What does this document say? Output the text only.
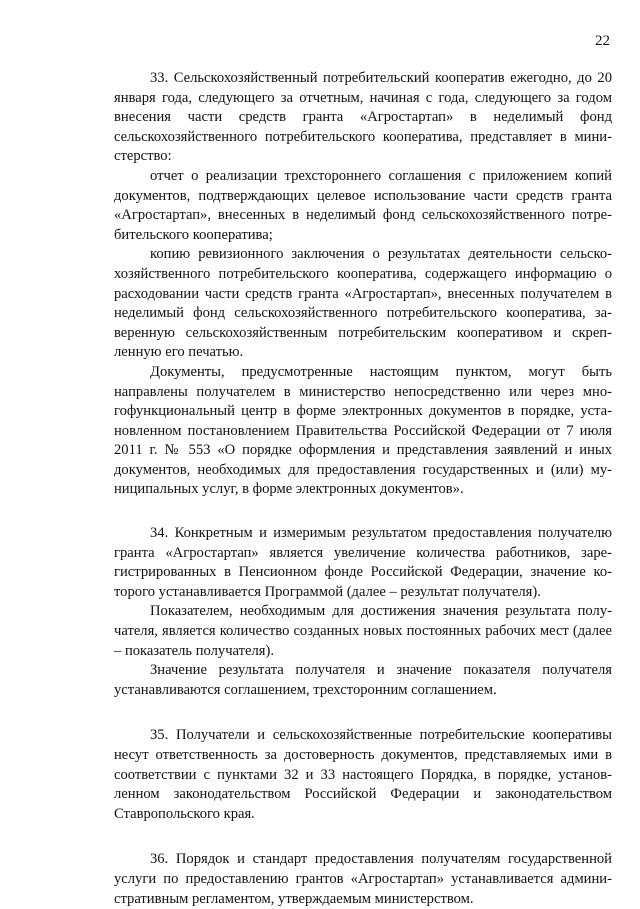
22

33. Сельскохозяйственный потребительский кооператив ежегодно, до 20 января года, следующего за отчетным, начиная с года, следующего за годом внесения части средств гранта «Агростартап» в неделимый фонд сельскохозяйственного потребительского кооператива, представляет в министерство:

отчет о реализации трехстороннего соглашения с приложением копий документов, подтверждающих целевое использование части средств гранта «Агростартап», внесенных в неделимый фонд сельскохозяйственного потребительского кооператива;

копию ревизионного заключения о результатах деятельности сельскохозяйственного потребительского кооператива, содержащего информацию о расходовании части средств гранта «Агростартап», внесенных получателем в неделимый фонд сельскохозяйственного потребительского кооператива, заверенную сельскохозяйственным потребительским кооперативом и скрепленную его печатью.

Документы, предусмотренные настоящим пунктом, могут быть направлены получателем в министерство непосредственно или через многофункциональный центр в форме электронных документов в порядке, установленном постановлением Правительства Российской Федерации от 7 июля 2011 г. № 553 «О порядке оформления и представления заявлений и иных документов, необходимых для предоставления государственных и (или) муниципальных услуг, в форме электронных документов».

34. Конкретным и измеримым результатом предоставления получателю гранта «Агростартап» является увеличение количества работников, зарегистрированных в Пенсионном фонде Российской Федерации, значение которого устанавливается Программой (далее – результат получателя).

Показателем, необходимым для достижения значения результата получателя, является количество созданных новых постоянных рабочих мест (далее – показатель получателя).

Значение результата получателя и значение показателя получателя устанавливаются соглашением, трехсторонним соглашением.

35. Получатели и сельскохозяйственные потребительские кооперативы несут ответственность за достоверность документов, представляемых ими в соответствии с пунктами 32 и 33 настоящего Порядка, в порядке, установленном законодательством Российской Федерации и законодательством Ставропольского края.

36. Порядок и стандарт предоставления получателям государственной услуги по предоставлению грантов «Агростартап» устанавливается административным регламентом, утверждаемым министерством.
